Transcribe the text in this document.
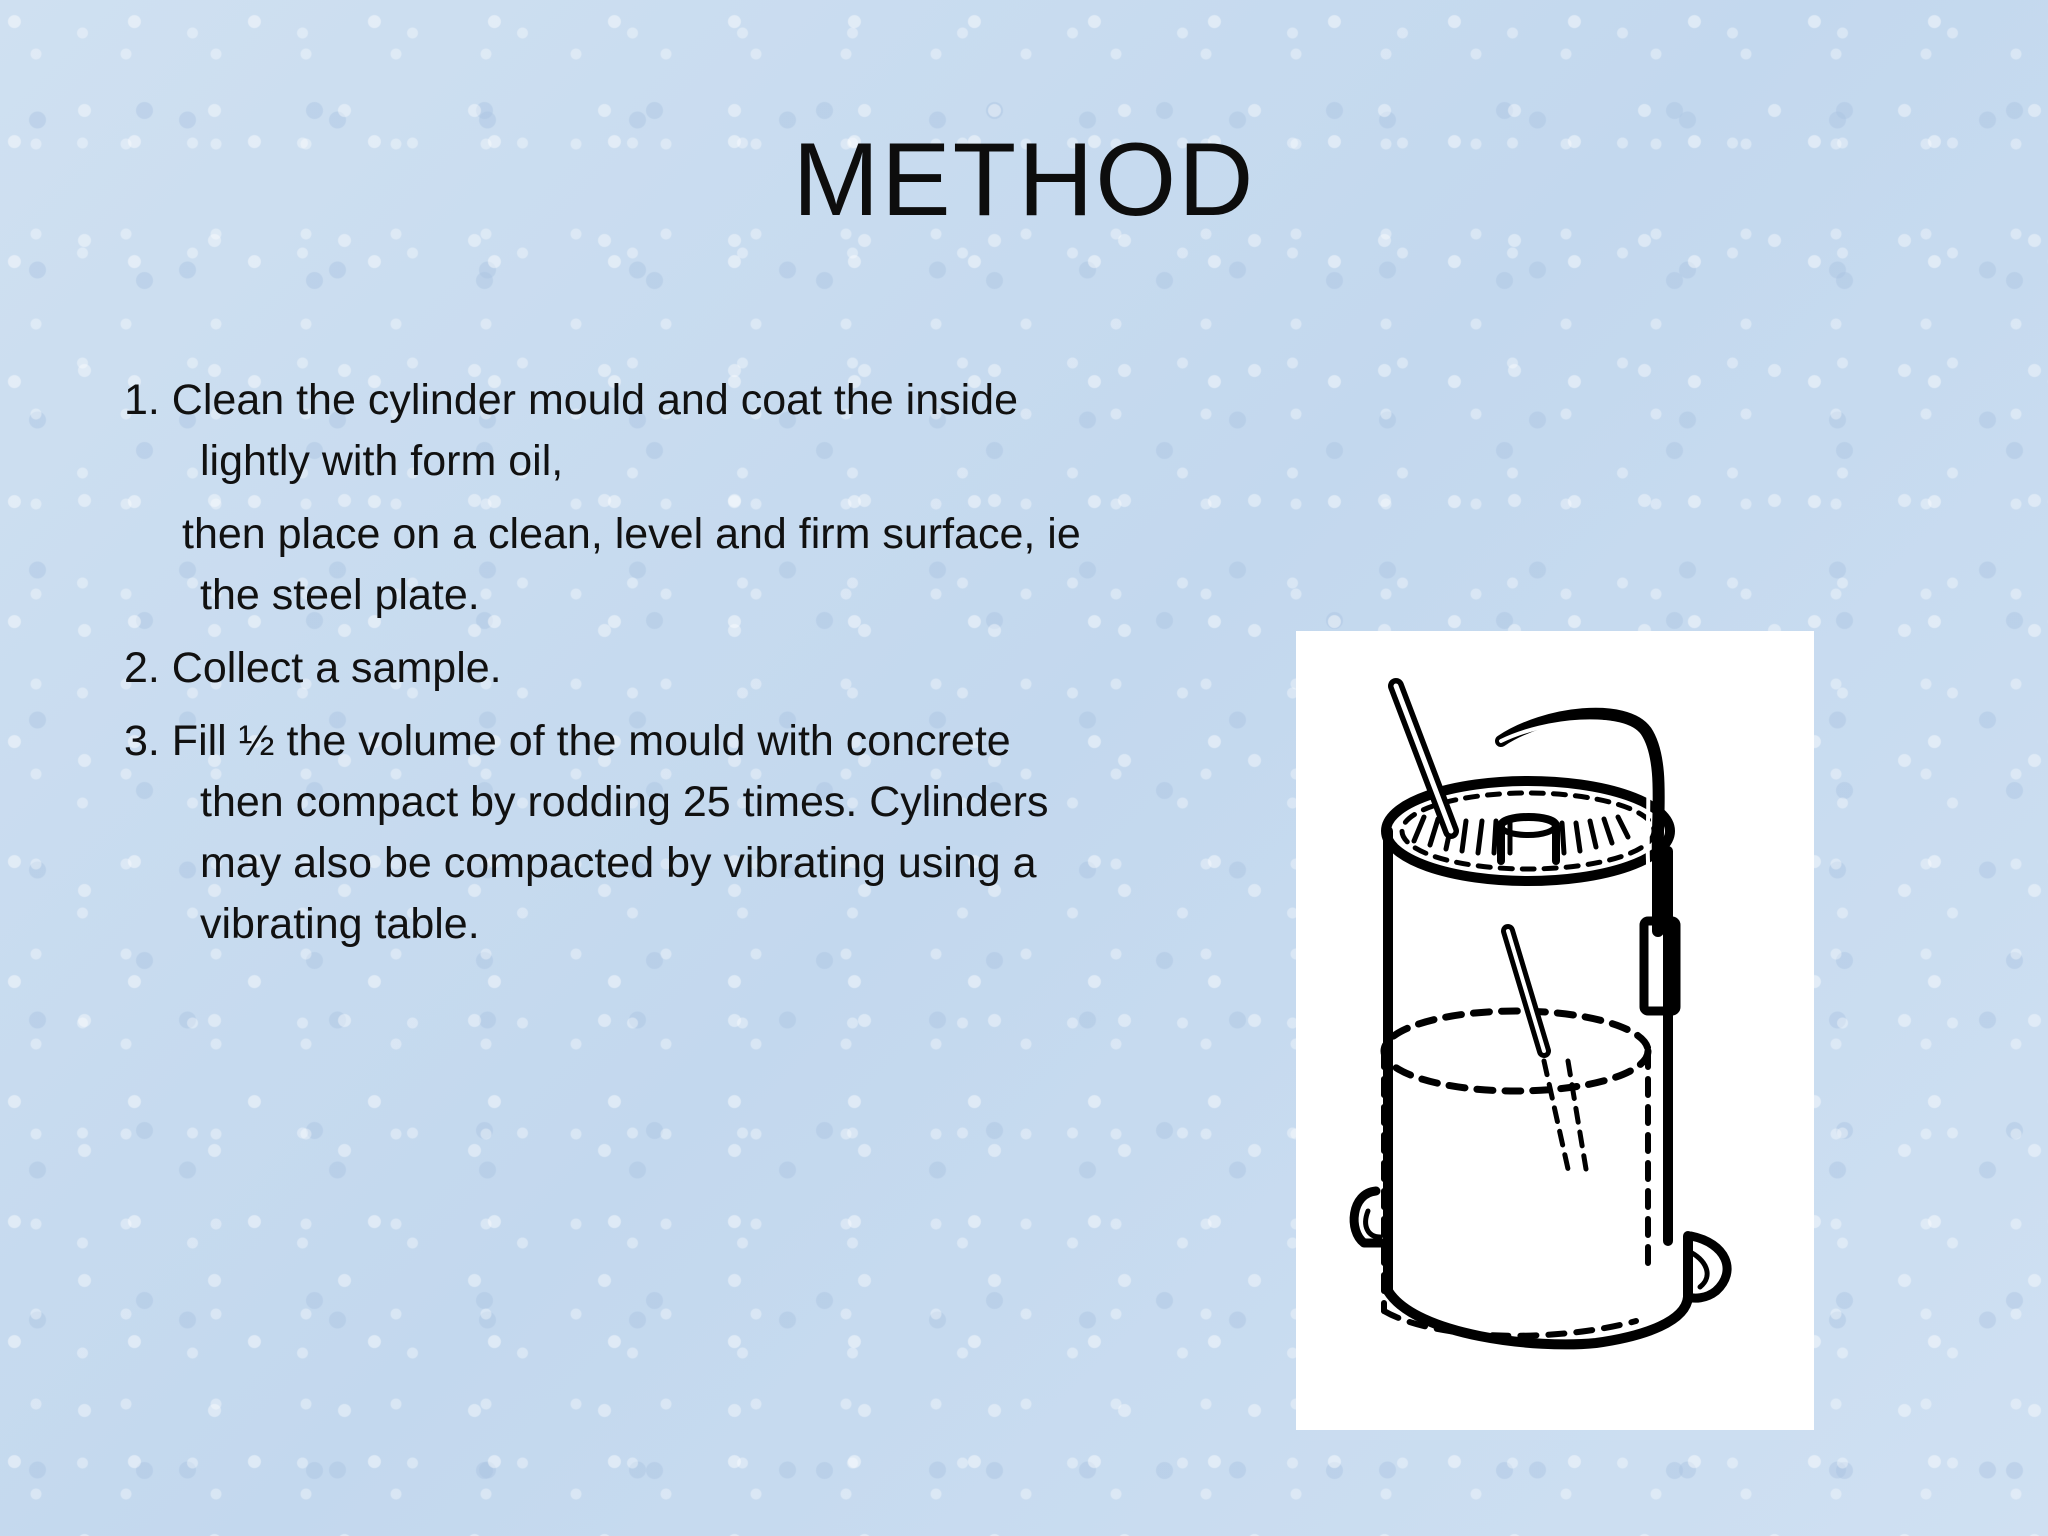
METHOD

1. Clean the cylinder mould and coat the inside
lightly with form oil,

then place on a clean, level and firm surface, ie
the steel plate.

2. Collect a sample.

3. Fill ½ the volume of the mould with concrete
then compact by rodding 25 times. Cylinders
may also be compacted by vibrating using a
vibrating table.
